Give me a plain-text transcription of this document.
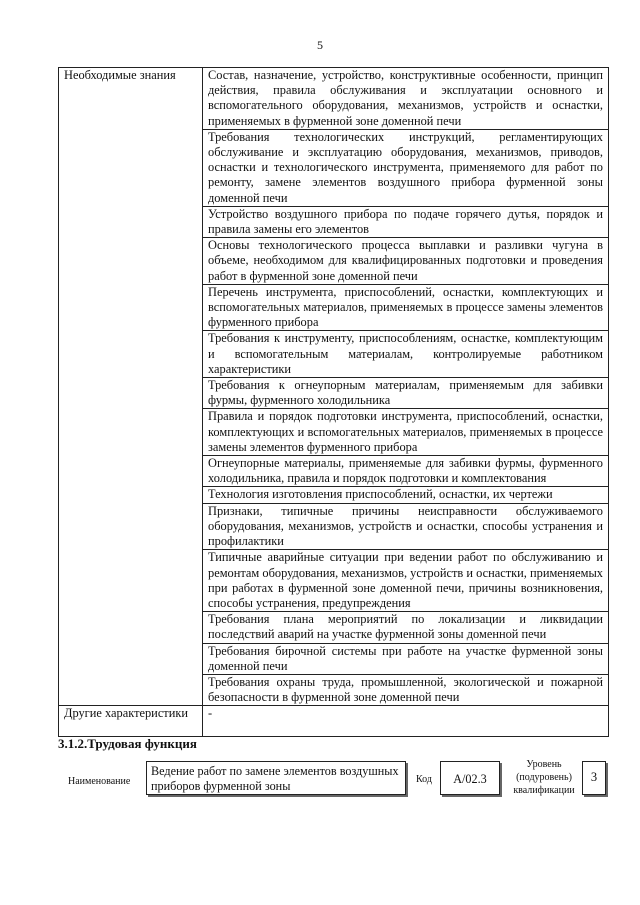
5
Необходимые знания	Состав, назначение, устройство, конструктивные особенности, принцип действия, правила обслуживания и эксплуатации основного и вспомогательного оборудования, механизмов, устройств и оснастки, применяемых в фурменной зоне доменной печи
	Требования технологических инструкций, регламентирующих обслуживание и эксплуатацию оборудования, механизмов, приводов, оснастки и технологического инструмента, применяемого для работ по ремонту, замене элементов воздушного прибора фурменной зоны доменной печи
	Устройство воздушного прибора по подаче горячего дутья, порядок и правила замены его элементов
	Основы технологического процесса выплавки и разливки чугуна в объеме, необходимом для квалифицированных подготовки и проведения работ в фурменной зоне доменной печи
	Перечень инструмента, приспособлений, оснастки, комплектующих и вспомогательных материалов, применяемых в процессе замены элементов фурменного прибора
	Требования к инструменту, приспособлениям, оснастке, комплектующим и вспомогательным материалам, контролируемые работником характеристики
	Требования к огнеупорным материалам, применяемым для забивки фурмы, фурменного холодильника
	Правила и порядок подготовки инструмента, приспособлений, оснастки, комплектующих и вспомогательных материалов, применяемых в процессе замены элементов фурменного прибора
	Огнеупорные материалы, применяемые для забивки фурмы, фурменного холодильника, правила и порядок подготовки и комплектования
	Технология изготовления приспособлений, оснастки, их чертежи
	Признаки, типичные причины неисправности обслуживаемого оборудования, механизмов, устройств и оснастки, способы устранения и профилактики
	Типичные аварийные ситуации при ведении работ по обслуживанию и ремонтам оборудования, механизмов, устройств и оснастки, применяемых при работах в фурменной зоне доменной печи, причины возникновения, способы устранения, предупреждения
	Требования плана мероприятий по локализации и ликвидации последствий аварий на участке фурменной зоны доменной печи
	Требования бирочной системы при работе на участке фурменной зоны доменной печи
	Требования охраны труда, промышленной, экологической и пожарной безопасности в фурменной зоне доменной печи
Другие характеристики	-
3.1.2.Трудовая функция
Наименование
Ведение работ по замене элементов воздушных приборов фурменной зоны	Код	A/02.3
Уровень (подуровень) квалификации
3
